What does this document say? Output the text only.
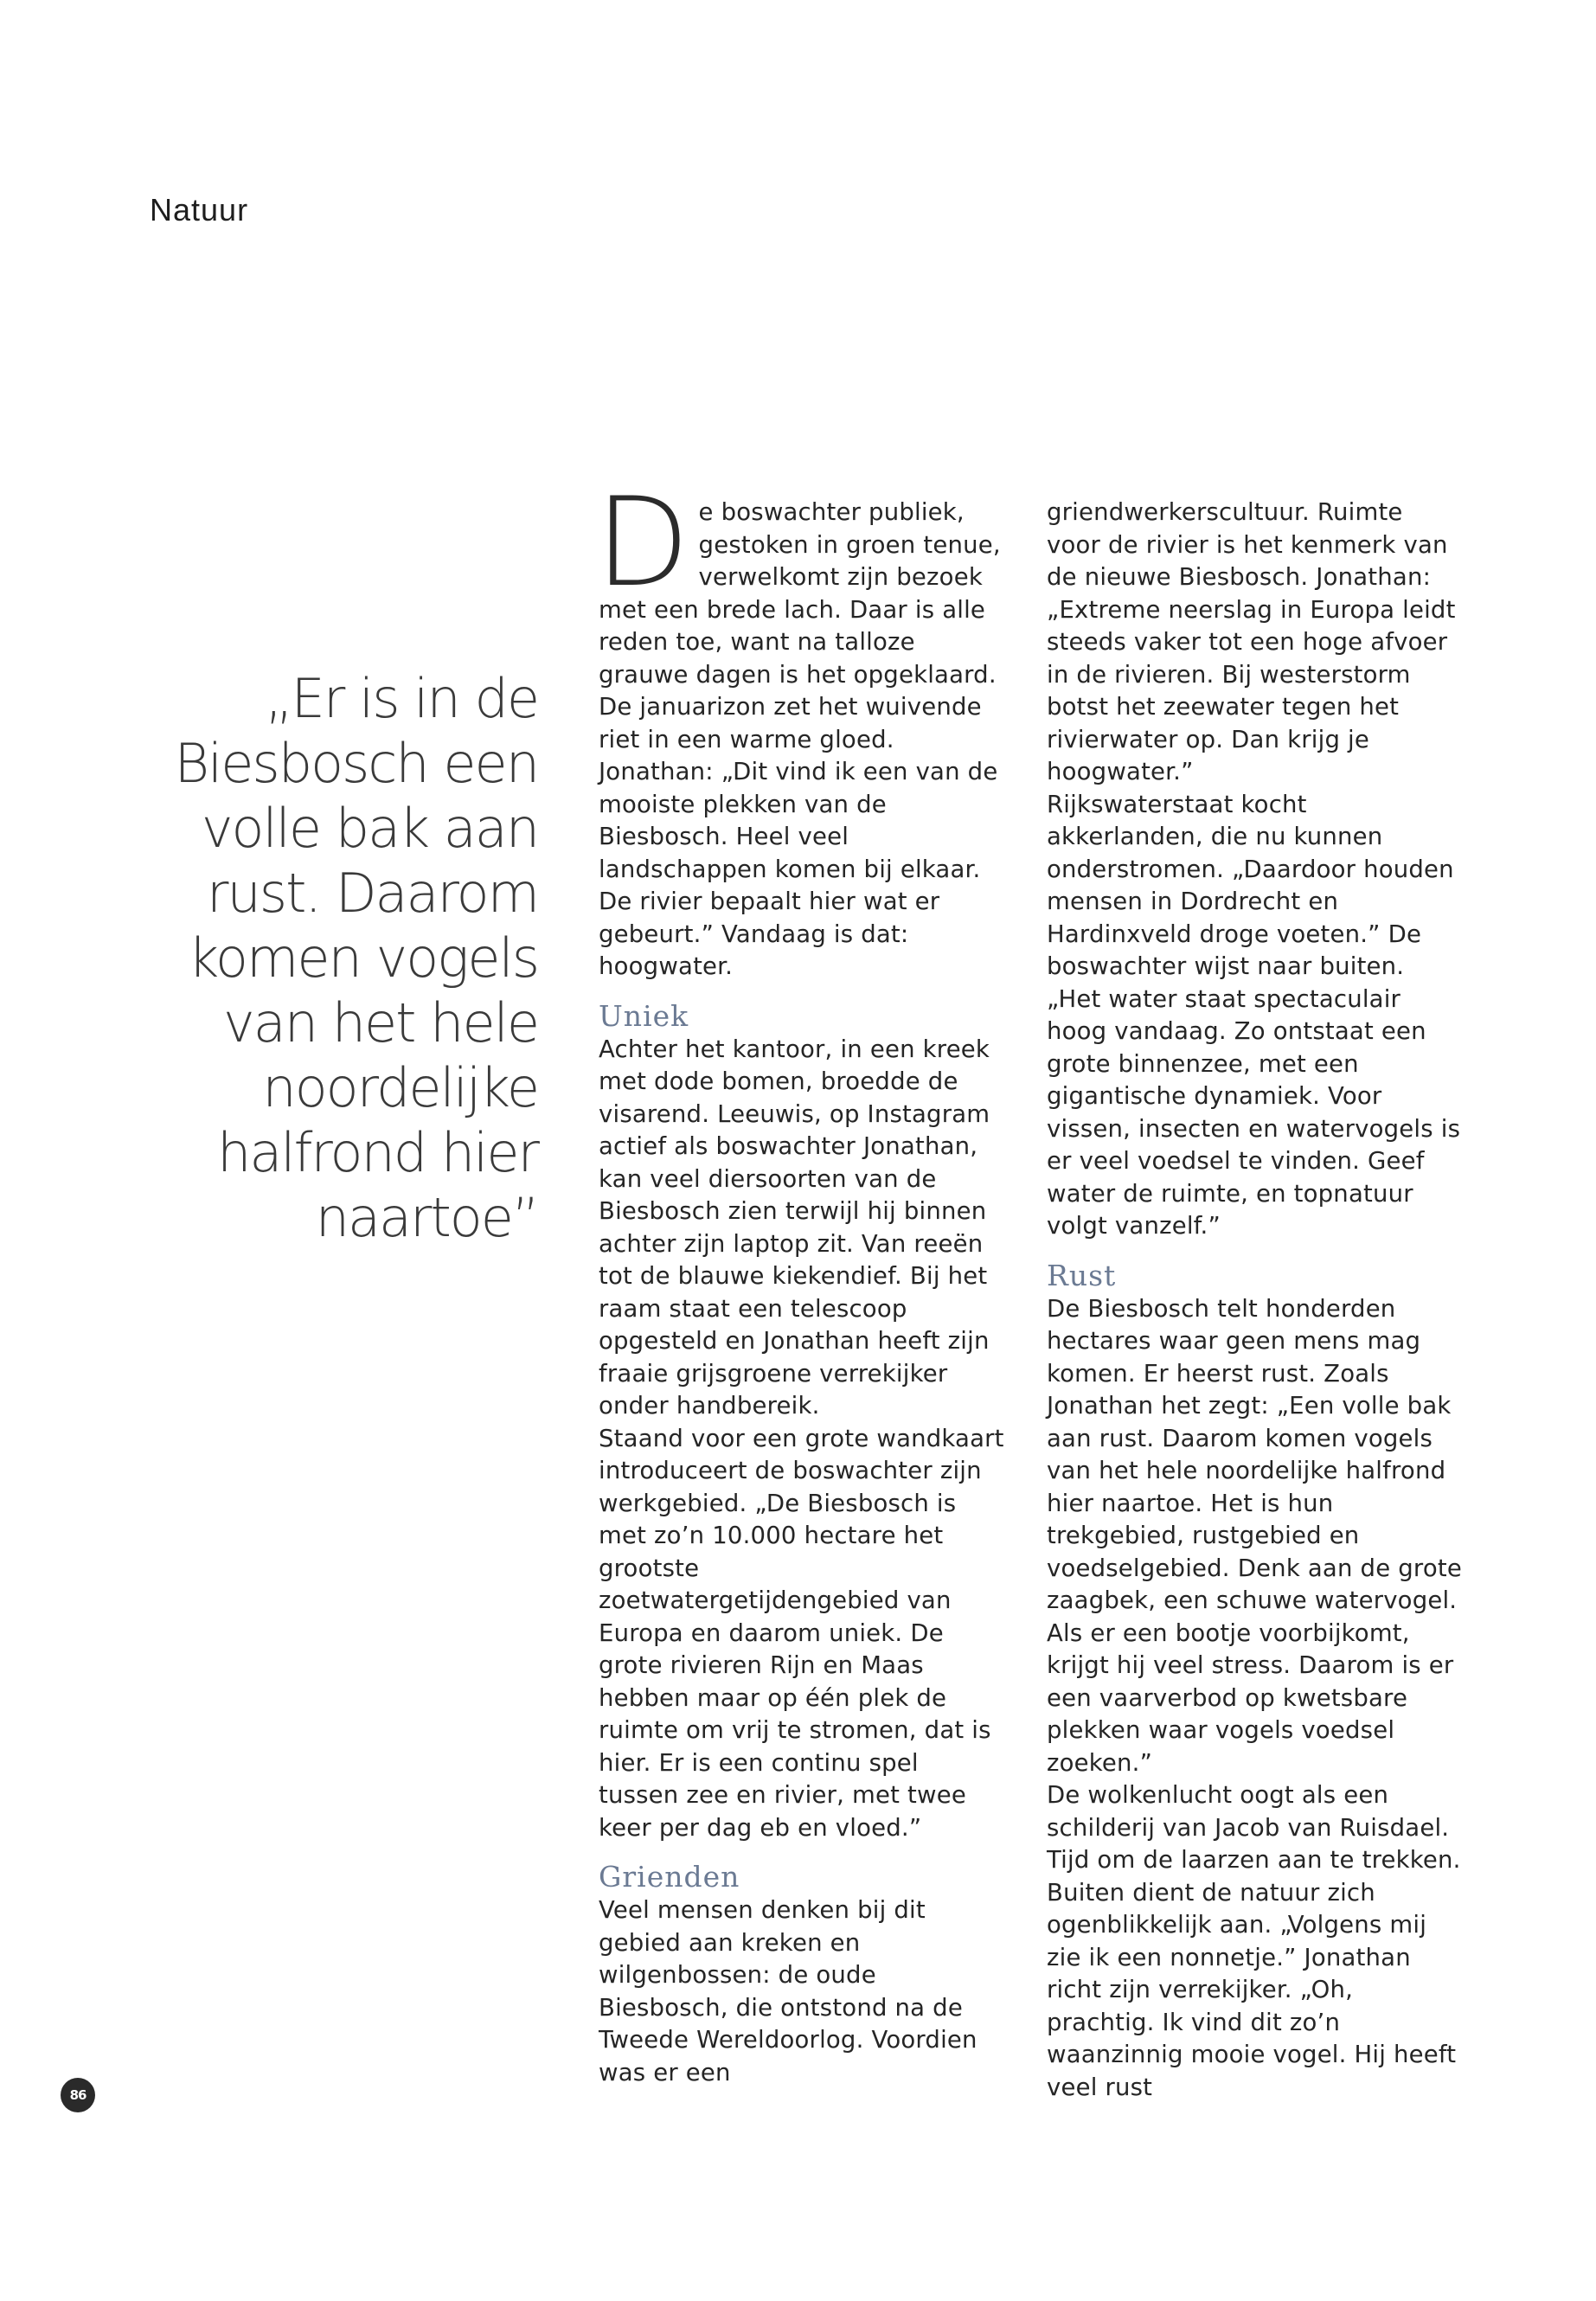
Natuur
„Er is in de Biesbosch een volle bak aan rust. Daarom komen vogels van het hele noordelijke halfrond hier naartoe”

De boswachter publiek, gestoken in groen tenue, verwelkomt zijn bezoek met een brede lach. Daar is alle reden toe, want na talloze grauwe dagen is het opgeklaard. De januarizon zet het wuivende riet in een warme gloed. Jonathan: „Dit vind ik een van de mooiste plekken van de Biesbosch. Heel veel landschappen komen bij elkaar. De rivier bepaalt hier wat er gebeurt.” Vandaag is dat: hoogwater.

Uniek

Achter het kantoor, in een kreek met dode bomen, broedde de visarend. Leeuwis, op Instagram actief als boswachter Jonathan, kan veel diersoorten van de Biesbosch zien terwijl hij binnen achter zijn laptop zit. Van reeën tot de blauwe kiekendief. Bij het raam staat een telescoop opgesteld en Jonathan heeft zijn fraaie grijsgroene verrekijker onder handbereik.

Staand voor een grote wandkaart introduceert de boswachter zijn werkgebied. „De Biesbosch is met zo’n 10.000 hectare het grootste zoetwatergetijdengebied van Europa en daarom uniek. De grote rivieren Rijn en Maas hebben maar op één plek de ruimte om vrij te stromen, dat is hier. Er is een continu spel tussen zee en rivier, met twee keer per dag eb en vloed.”

Grienden

Veel mensen denken bij dit gebied aan kreken en wilgenbossen: de oude Biesbosch, die ontstond na de Tweede Wereldoorlog. Voordien was er een

griendwerkerscultuur. Ruimte voor de rivier is het kenmerk van de nieuwe Biesbosch. Jonathan: „Extreme neerslag in Europa leidt steeds vaker tot een hoge afvoer in de rivieren. Bij westerstorm botst het zeewater tegen het rivierwater op. Dan krijg je hoogwater.”

Rijkswaterstaat kocht akkerlanden, die nu kunnen onderstromen. „Daardoor houden mensen in Dordrecht en Hardinxveld droge voeten.” De boswachter wijst naar buiten. „Het water staat spectaculair hoog vandaag. Zo ontstaat een grote binnenzee, met een gigantische dynamiek. Voor vissen, insecten en watervogels is er veel voedsel te vinden. Geef water de ruimte, en topnatuur volgt vanzelf.”

Rust

De Biesbosch telt honderden hectares waar geen mens mag komen. Er heerst rust. Zoals Jonathan het zegt: „Een volle bak aan rust. Daarom komen vogels van het hele noordelijke halfrond hier naartoe. Het is hun trekgebied, rustgebied en voedselgebied. Denk aan de grote zaagbek, een schuwe watervogel. Als er een bootje voorbijkomt, krijgt hij veel stress. Daarom is er een vaarverbod op kwetsbare plekken waar vogels voedsel zoeken.”

De wolkenlucht oogt als een schilderij van Jacob van Ruisdael. Tijd om de laarzen aan te trekken. Buiten dient de natuur zich ogenblikkelijk aan. „Volgens mij zie ik een nonnetje.” Jonathan richt zijn verrekijker. „Oh, prachtig. Ik vind dit zo’n waanzinnig mooie vogel. Hij heeft veel rust

86
